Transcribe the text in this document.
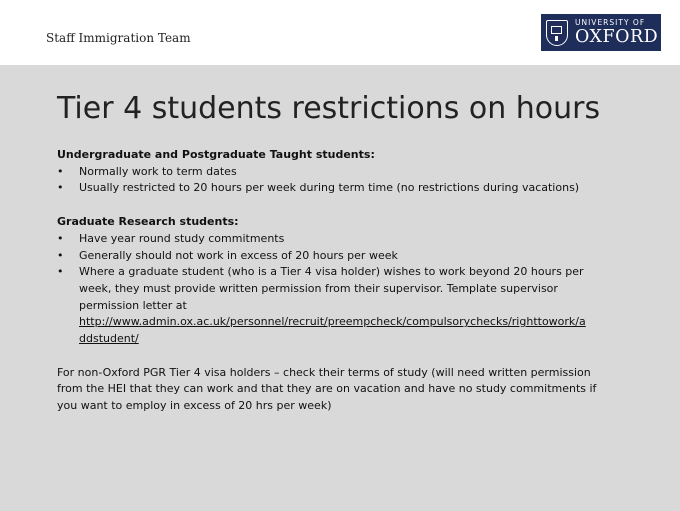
Staff Immigration Team
UNIVERSITY OF
OXFORD
Tier 4 students restrictions on hours
Undergraduate and Postgraduate Taught students:
• Normally work to term dates
• Usually restricted to 20 hours per week during term time (no restrictions during vacations)
Graduate Research students:
• Have year round study commitments
• Generally should not work in excess of 20 hours per week
• Where a graduate student (who is a Tier 4 visa holder) wishes to work beyond 20 hours per
week, they must provide written permission from their supervisor. Template supervisor
permission letter at
http://www.admin.ox.ac.uk/personnel/recruit/preempcheck/compulsorychecks/righttowork/a
ddstudent/
For non-Oxford PGR Tier 4 visa holders – check their terms of study (will need written permission
from the HEI that they can work and that they are on vacation and have no study commitments if
you want to employ in excess of 20 hrs per week)
